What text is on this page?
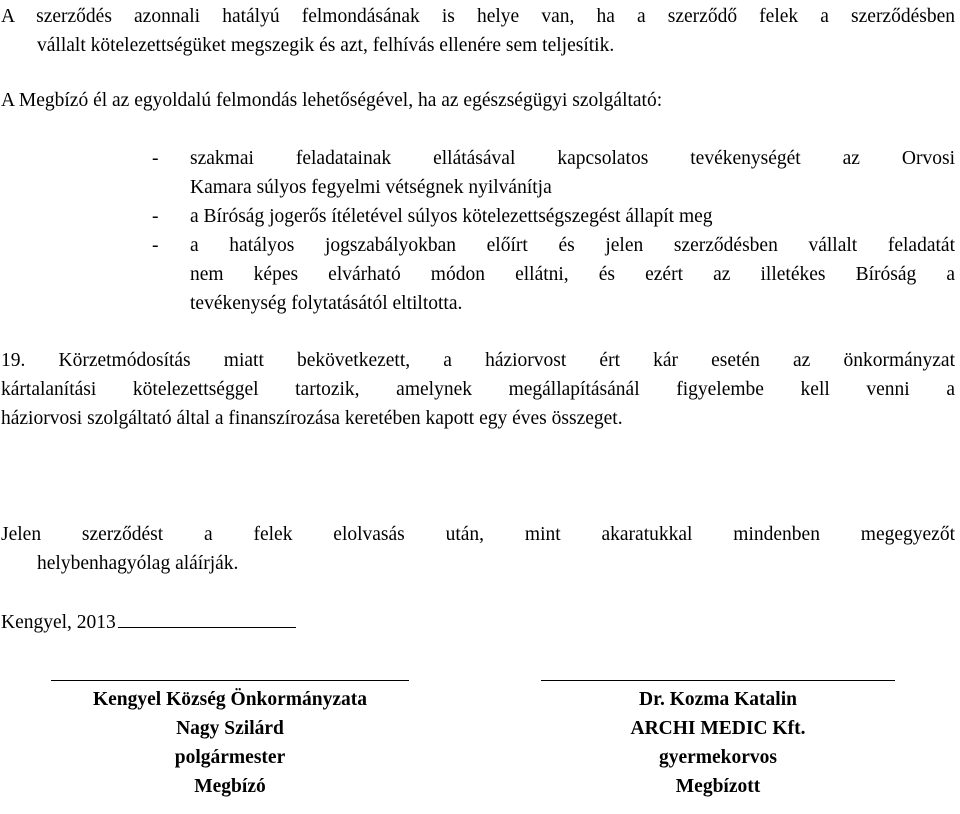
A szerződés azonnali hatályú felmondásának is helye van, ha a szerződő felek a szerződésben
vállalt kötelezettségüket megszegik és azt, felhívás ellenére sem teljesítik.
A Megbízó él az egyoldalú felmondás lehetőségével, ha az egészségügyi szolgáltató:
- szakmai feladatainak ellátásával kapcsolatos tevékenységét az Orvosi
Kamara súlyos fegyelmi vétségnek nyilvánítja
- a Bíróság jogerős ítéletével súlyos kötelezettségszegést állapít meg
- a hatályos jogszabályokban előírt és jelen szerződésben vállalt feladatát
nem képes elvárható módon ellátni, és ezért az illetékes Bíróság a
tevékenység folytatásától eltiltotta.
19. Körzetmódosítás miatt bekövetkezett, a háziorvost ért kár esetén az önkormányzat
kártalanítási kötelezettséggel tartozik, amelynek megállapításánál figyelembe kell venni a
háziorvosi szolgáltató által a finanszírozása keretében kapott egy éves összeget.
Jelen szerződést a felek elolvasás után, mint akaratukkal mindenben megegyezőt
helybenhagyólag aláírják.
Kengyel, 2013
Kengyel Község Önkormányzata
Nagy Szilárd
polgármester
Megbízó
Dr. Kozma Katalin
ARCHI MEDIC Kft.
gyermekorvos
Megbízott
